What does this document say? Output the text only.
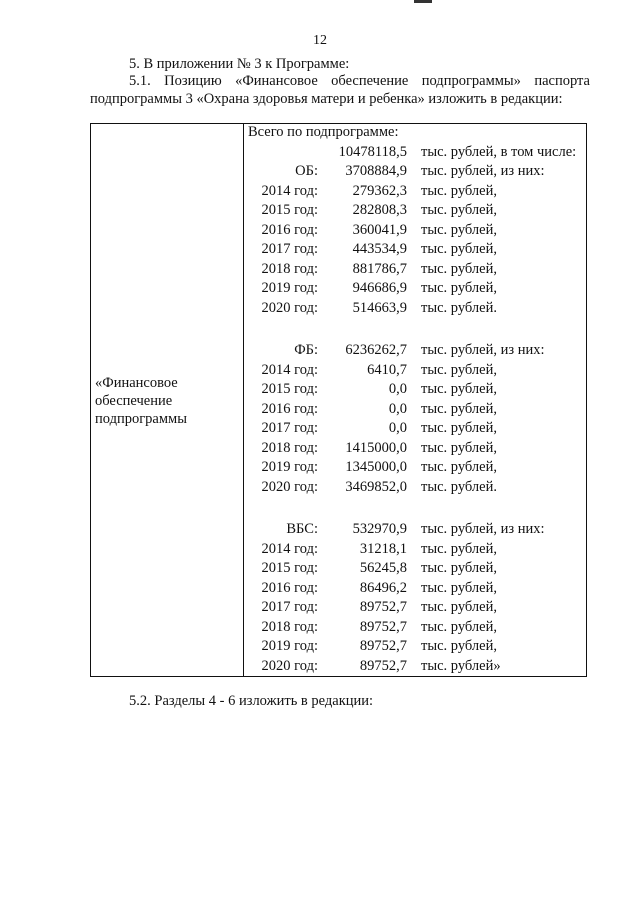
12
5. В приложении № 3 к Программе:
5.1. Позицию «Финансовое обеспечение подпрограммы» паспорта
подпрограммы 3 «Охрана здоровья матери и ребенка» изложить в редакции:
«Финансовое
обеспечение
подпрограммы
Всего по подпрограмме:
10478118,5 тыс. рублей, в том числе:
ОБ:	3708884,9 тыс. рублей, из них:
2014 год:	279362,3 тыс. рублей,
2015 год:	282808,3 тыс. рублей,
2016 год:	360041,9 тыс. рублей,
2017 год:	443534,9 тыс. рублей,
2018 год:	881786,7 тыс. рублей,
2019 год:	946686,9 тыс. рублей,
2020 год:	514663,9 тыс. рублей.
ФБ:	6236262,7 тыс. рублей, из них:
2014 год:	6410,7 тыс. рублей,
2015 год:	0,0 тыс. рублей,
2016 год:	0,0 тыс. рублей,
2017 год:	0,0 тыс. рублей,
2018 год:	1415000,0 тыс. рублей,
2019 год:	1345000,0 тыс. рублей,
2020 год:	3469852,0 тыс. рублей.
ВБС:	532970,9 тыс. рублей, из них:
2014 год:	31218,1 тыс. рублей,
2015 год:	56245,8 тыс. рублей,
2016 год:	86496,2 тыс. рублей,
2017 год:	89752,7 тыс. рублей,
2018 год:	89752,7 тыс. рублей,
2019 год:	89752,7 тыс. рублей,
2020 год:	89752,7 тыс. рублей»
5.2. Разделы 4 - 6 изложить в редакции:
